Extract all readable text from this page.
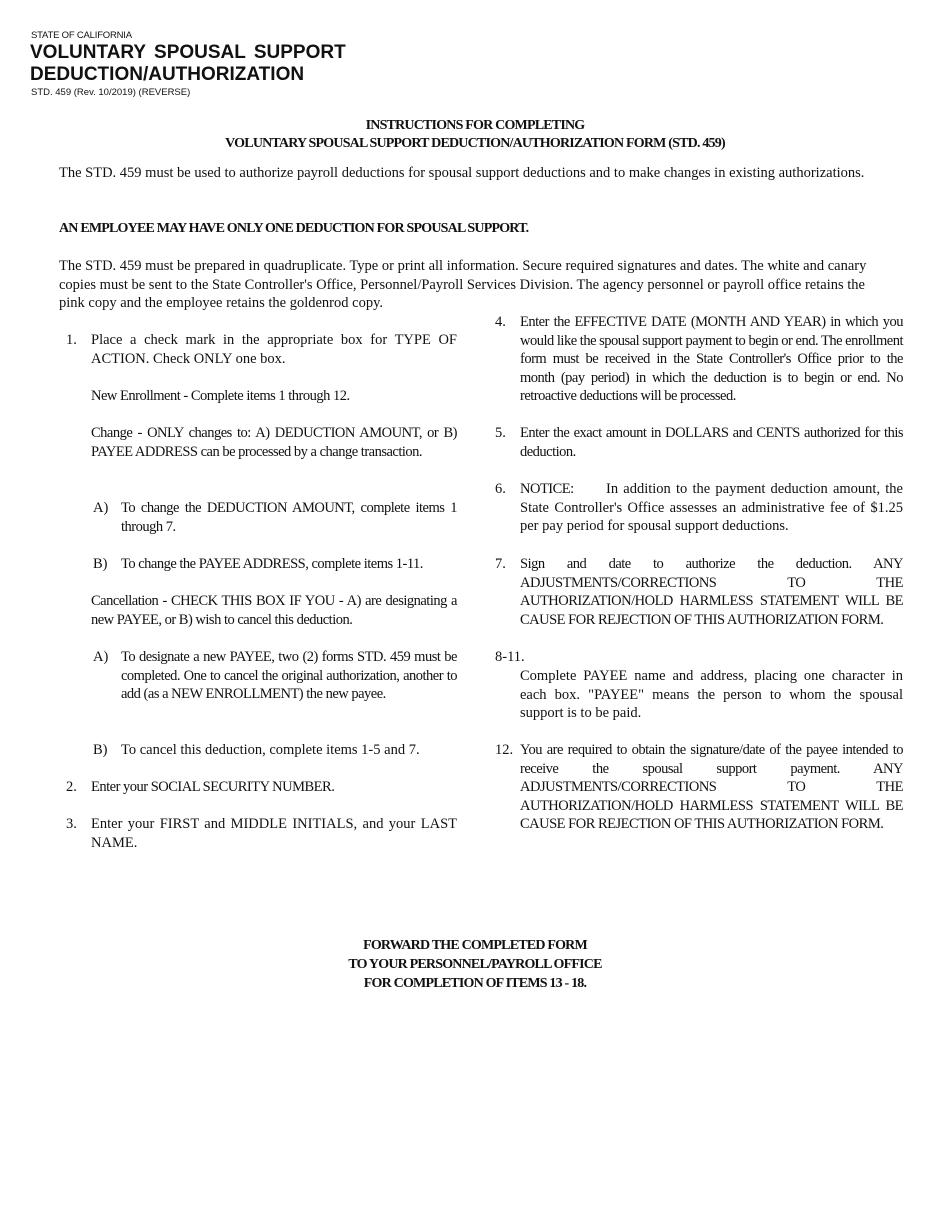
STATE OF CALIFORNIA
VOLUNTARY SPOUSAL SUPPORT
DEDUCTION/AUTHORIZATION
STD. 459 (Rev. 10/2019) (REVERSE)
INSTRUCTIONS FOR COMPLETING
VOLUNTARY SPOUSAL SUPPORT DEDUCTION/AUTHORIZATION FORM (STD. 459)
The STD. 459 must be used to authorize payroll deductions for spousal support deductions and to make changes in existing authorizations.
AN EMPLOYEE MAY HAVE ONLY ONE DEDUCTION FOR SPOUSAL SUPPORT.
The STD. 459 must be prepared in quadruplicate. Type or print all information. Secure required signatures and dates. The white and canary copies must be sent to the State Controller's Office, Personnel/Payroll Services Division. The agency personnel or payroll office retains the pink copy and the employee retains the goldenrod copy.
1. Place a check mark in the appropriate box for TYPE OF ACTION. Check ONLY one box.
New Enrollment - Complete items 1 through 12.
Change - ONLY changes to: A) DEDUCTION AMOUNT, or B) PAYEE ADDRESS can be processed by a change transaction.
A) To change the DEDUCTION AMOUNT, complete items 1 through 7.
B) To change the PAYEE ADDRESS, complete items 1-11.
Cancellation - CHECK THIS BOX IF YOU - A) are designating a new PAYEE, or B) wish to cancel this deduction.
A) To designate a new PAYEE, two (2) forms STD. 459 must be completed. One to cancel the original authorization, another to add (as a NEW ENROLLMENT) the new payee.
B) To cancel this deduction, complete items 1-5 and 7.
2. Enter your SOCIAL SECURITY NUMBER.
3. Enter your FIRST and MIDDLE INITIALS, and your LAST NAME.
4. Enter the EFFECTIVE DATE (MONTH AND YEAR) in which you would like the spousal support payment to begin or end. The enrollment form must be received in the State Controller's Office prior to the month (pay period) in which the deduction is to begin or end. No retroactive deductions will be processed.
5. Enter the exact amount in DOLLARS and CENTS authorized for this deduction.
6.	In addition to the payment deduction amount, the State Controller's Office assesses an administrative fee of $1.25 per pay period for spousal support deductions.
NOTICE:
7. Sign and date to authorize the deduction. ANY ADJUSTMENTS/CORRECTIONS TO THE AUTHORIZATION/HOLD HARMLESS STATEMENT WILL BE CAUSE FOR REJECTION OF THIS AUTHORIZATION FORM.
8-11.
Complete PAYEE name and address, placing one character in each box. "PAYEE" means the person to whom the spousal support is to be paid.
12. You are required to obtain the signature/date of the payee intended to receive the spousal support payment. ANY ADJUSTMENTS/CORRECTIONS TO THE AUTHORIZATION/HOLD HARMLESS STATEMENT WILL BE CAUSE FOR REJECTION OF THIS AUTHORIZATION FORM.
FORWARD THE COMPLETED FORM
TO YOUR PERSONNEL/PAYROLL OFFICE
FOR COMPLETION OF ITEMS 13 - 18.
